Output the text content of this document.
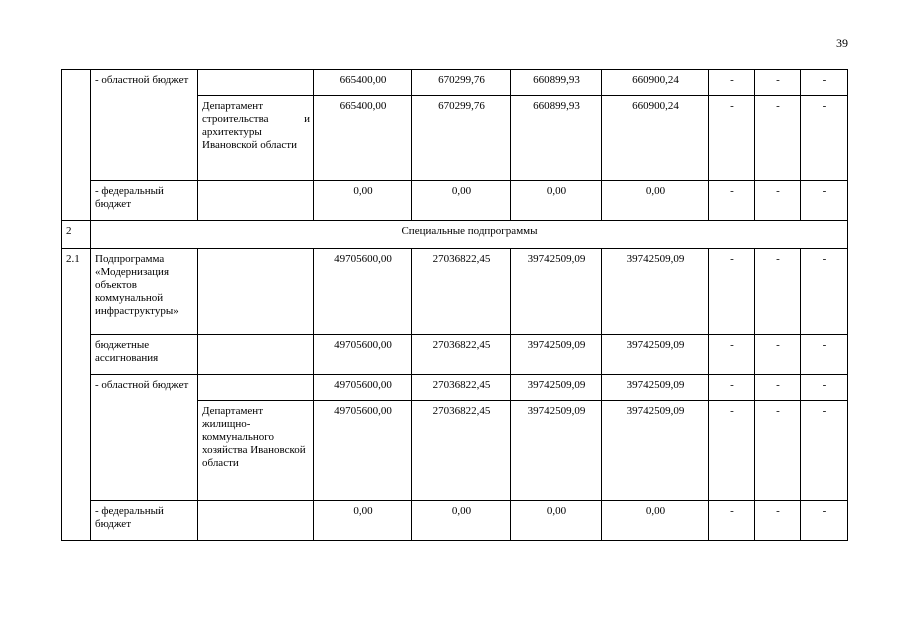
39
	- областной бюджет		665400,00	670299,76	660899,93	660900,24	-	-	-
		Департамент строительства и архитектуры Ивановской области	665400,00	670299,76	660899,93	660900,24	-	-	-
	- федеральный бюджет		0,00	0,00	0,00	0,00	-	-	-
2	Специальные подпрограммы								
2.1	Подпрограмма «Модернизация объектов коммунальной инфраструктуры»		49705600,00	27036822,45	39742509,09	39742509,09	-	-	-
	бюджетные ассигнования		49705600,00	27036822,45	39742509,09	39742509,09	-	-	-
	- областной бюджет		49705600,00	27036822,45	39742509,09	39742509,09	-	-	-
		Департамент жилищно-коммунального хозяйства Ивановской области	49705600,00	27036822,45	39742509,09	39742509,09	-	-	-
	- федеральный бюджет		0,00	0,00	0,00	0,00	-	-	-
